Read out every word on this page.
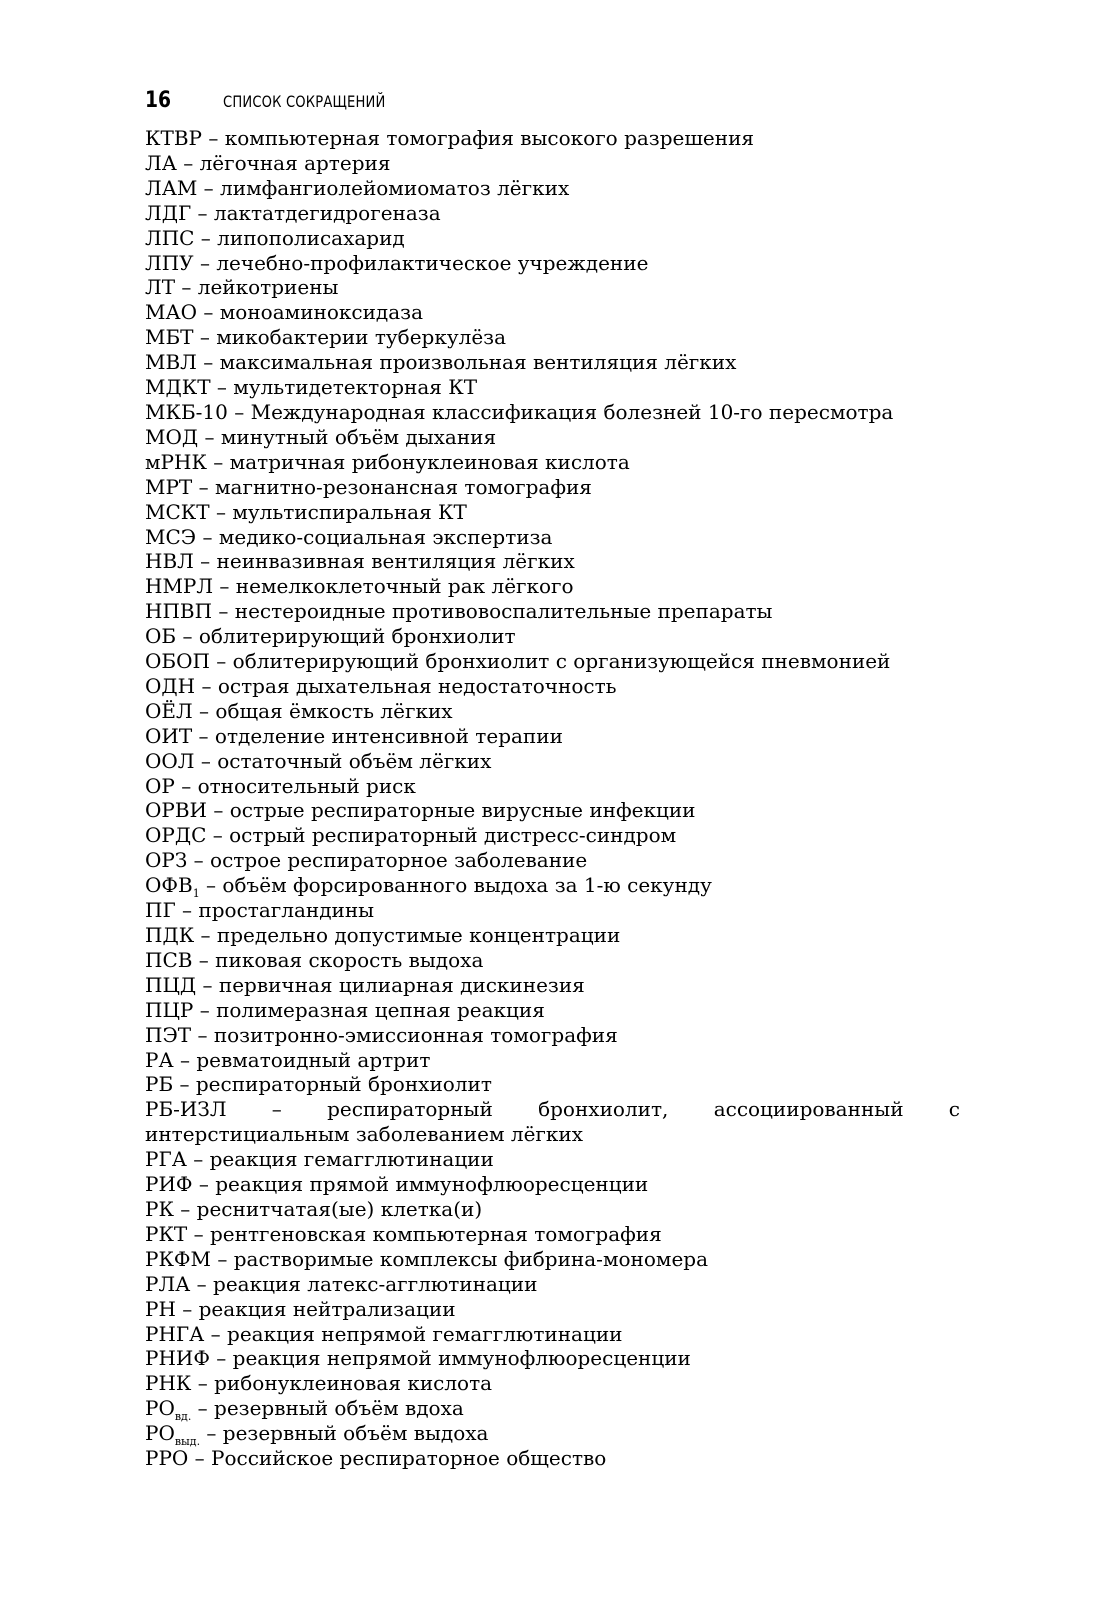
16	СПИСОК СОКРАЩЕНИЙ

КТВР – компьютерная томография высокого разрешения

ЛА – лёгочная артерия

ЛАМ – лимфангиолейомиоматоз лёгких

ЛДГ – лактатдегидрогеназа

ЛПС – липополисахарид

ЛПУ – лечебно-профилактическое учреждение

ЛТ – лейкотриены

МАО – моноаминоксидаза

МБТ – микобактерии туберкулёза

МВЛ – максимальная произвольная вентиляция лёгких

МДКТ – мультидетекторная КТ

МКБ-10 – Международная классификация болезней 10-го пересмотра

МОД – минутный объём дыхания

мРНК – матричная рибонуклеиновая кислота

МРТ – магнитно-резонансная томография

МСКТ – мультиспиральная КТ

МСЭ – медико-социальная экспертиза

НВЛ – неинвазивная вентиляция лёгких

НМРЛ – немелкоклеточный рак лёгкого

НПВП – нестероидные противовоспалительные препараты

ОБ – облитерирующий бронхиолит

ОБОП – облитерирующий бронхиолит с организующейся пневмонией

ОДН – острая дыхательная недостаточность

ОЁЛ – общая ёмкость лёгких

ОИТ – отделение интенсивной терапии

ООЛ – остаточный объём лёгких

ОР – относительный риск

ОРВИ – острые респираторные вирусные инфекции

ОРДС – острый респираторный дистресс-синдром

ОРЗ – острое респираторное заболевание

$ОФВ_1$ – объём форсированного выдоха за 1-ю секунду

ПГ – простагландины

ПДК – предельно допустимые концентрации

ПСВ – пиковая скорость выдоха

ПЦД – первичная цилиарная дискинезия

ПЦР – полимеразная цепная реакция

ПЭТ – позитронно-эмиссионная томография

РА – ревматоидный артрит

РБ – респираторный бронхиолит

РБ-ИЗЛ – респираторный бронхиолит, ассоциированный с интерстициальным заболеванием лёгких

РГА – реакция гемагглютинации

РИФ – реакция прямой иммунофлюоресценции

РК – реснитчатая(ые) клетка(и)

РКТ – рентгеновская компьютерная томография

РКФМ – растворимые комплексы фибрина-мономера

РЛА – реакция латекс-агглютинации

РН – реакция нейтрализации

РНГА – реакция непрямой гемагглютинации

РНИФ – реакция непрямой иммунофлюоресценции

РНК – рибонуклеиновая кислота

$РО_{вд.}$ – резервный объём вдоха

$РО_{выд.}$ – резервный объём выдоха

РРО – Российское респираторное общество
